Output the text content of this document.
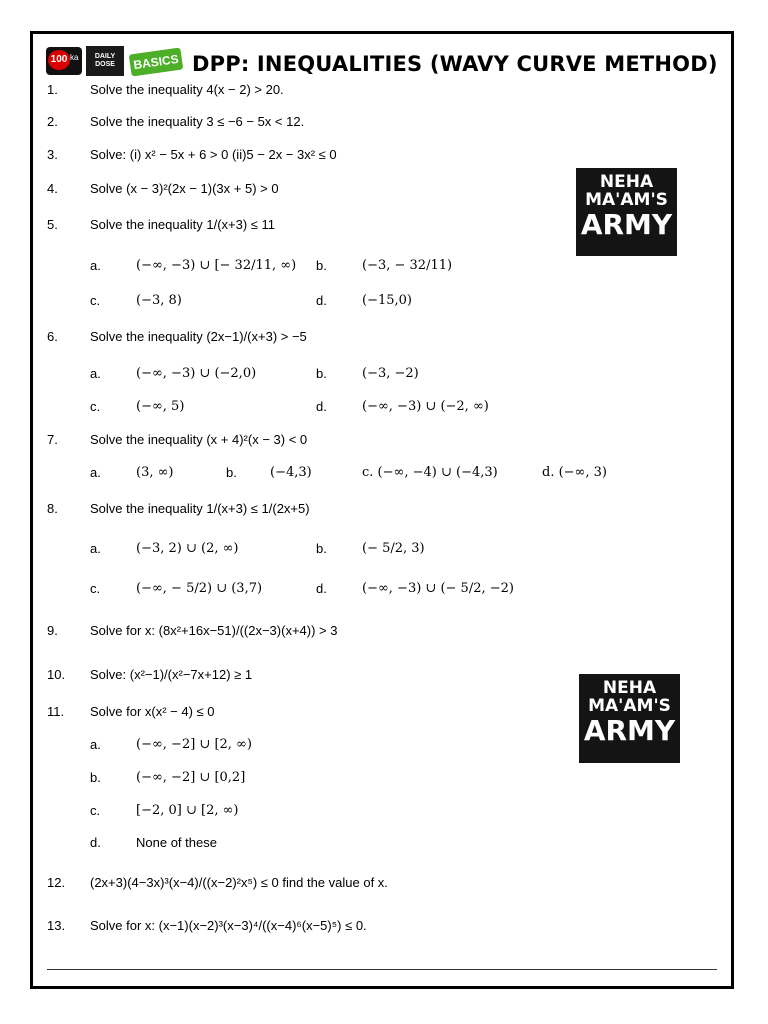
100 ka	DAILY DOSE	BASICS DPP: INEQUALITIES (WAVY CURVE METHOD)
NEHA
MA'AM'S
ARMY
NEHA
MA'AM'S
ARMY
1. Solve the inequality 4(x − 2) > 20.
2. Solve the inequality 3 ≤ −6 − 5x < 12.
3. Solve: (i) x² − 5x + 6 > 0 (ii)5 − 2x − 3x² ≤ 0
4. Solve (x − 3)²(2x − 1)(3x + 5) > 0
5. Solve the inequality 1/(x+3) ≤ 11
a.	(−∞, −3) ∪ [− 32/11, ∞) b.	(−3, − 32/11)
c.	(−3, 8)	d.	(−15,0)
6. Solve the inequality (2x−1)/(x+3) > −5
a.	(−∞, −3) ∪ (−2,0)	b.	(−3, −2)
c.	(−∞, 5)	d.	(−∞, −3) ∪ (−2, ∞)
7. Solve the inequality (x + 4)²(x − 3) < 0
a.	(3, ∞)	b.	(−4,3)	c. (−∞, −4) ∪ (−4,3)	d. (−∞, 3)
8. Solve the inequality 1/(x+3) ≤ 1/(2x+5)
a.	(−3, 2) ∪ (2, ∞)	b.	(− 5/2, 3)
c.	(−∞, − 5/2) ∪ (3,7)	d.	(−∞, −3) ∪ (− 5/2, −2)
9. Solve for x: (8x²+16x−51)/((2x−3)(x+4)) > 3
10. Solve: (x²−1)/(x²−7x+12) ≥ 1
11. Solve for x(x² − 4) ≤ 0
a.	(−∞, −2] ∪ [2, ∞)
b.	(−∞, −2] ∪ [0,2]
c.	[−2, 0] ∪ [2, ∞)
d.	None of these
12. (2x+3)(4−3x)³(x−4)/((x−2)²x⁵) ≤ 0 find the value of x.
13. Solve for x: (x−1)(x−2)³(x−3)⁴/((x−4)⁶(x−5)⁵) ≤ 0.
